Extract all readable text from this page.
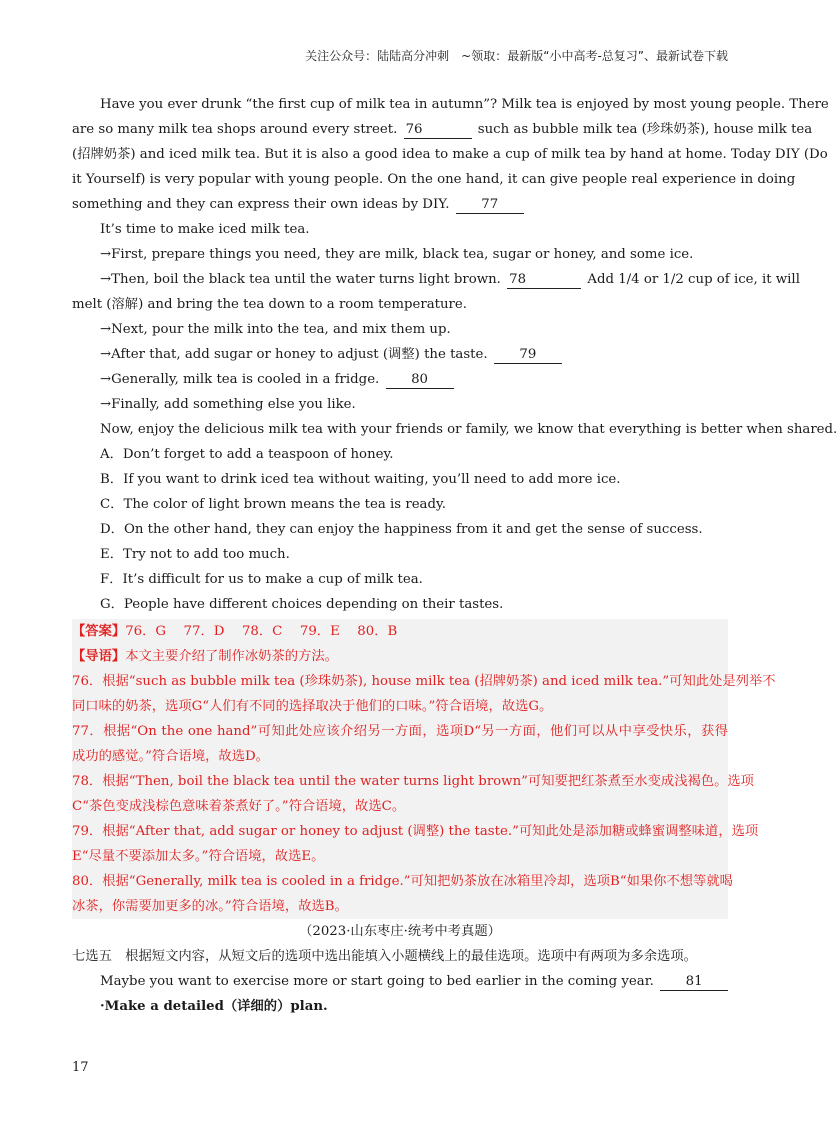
关注公众号：陆陆高分冲刺　~领取：最新版“小中高考-总复习”、最新试卷下载
Have you ever drunk “the first cup of milk tea in autumn”? Milk tea is enjoyed by most young people. There
are so many milk tea shops around every street. 76	such as bubble milk tea (珍珠奶茶), house milk tea
(招牌奶茶) and iced milk tea. But it is also a good idea to make a cup of milk tea by hand at home. Today DIY (Do
it Yourself) is very popular with young people. On the one hand, it can give people real experience in doing
something and they can express their own ideas by DIY. 77
It’s time to make iced milk tea.
→First, prepare things you need, they are milk, black tea, sugar or honey, and some ice.
→Then, boil the black tea until the water turns light brown. 78	Add 1/4 or 1/2 cup of ice, it will
melt (溶解) and bring the tea down to a room temperature.
→Next, pour the milk into the tea, and mix them up.
→After that, add sugar or honey to adjust (调整) the taste. 79
→Generally, milk tea is cooled in a fridge. 80
→Finally, add something else you like.
Now, enjoy the delicious milk tea with your friends or family, we know that everything is better when shared.
A．Don’t forget to add a teaspoon of honey.
B．If you want to drink iced tea without waiting, you’ll need to add more ice.
C．The color of light brown means the tea is ready.
D．On the other hand, they can enjoy the happiness from it and get the sense of success.
E．Try not to add too much.
F．It’s difficult for us to make a cup of milk tea.
G．People have different choices depending on their tastes.
【答案】76．G　 77．D　 78．C　 79．E　 80．B
【导语】本文主要介绍了制作冰奶茶的方法。
76．根据“such as bubble milk tea (珍珠奶茶), house milk tea (招牌奶茶) and iced milk tea.”可知此处是列举不
同口味的奶茶，选项G“人们有不同的选择取决于他们的口味。”符合语境，故选G。
77．根据“On the one hand”可知此处应该介绍另一方面，选项D“另一方面，他们可以从中享受快乐，获得
成功的感觉。”符合语境，故选D。
78．根据“Then, boil the black tea until the water turns light brown”可知要把红茶煮至水变成浅褐色。选项
C“茶色变成浅棕色意味着茶煮好了。”符合语境，故选C。
79．根据“After that, add sugar or honey to adjust (调整) the taste.”可知此处是添加糖或蜂蜜调整味道，选项
E“尽量不要添加太多。”符合语境，故选E。
80．根据“Generally, milk tea is cooled in a fridge.”可知把奶茶放在冰箱里冷却，选项B“如果你不想等就喝
冰茶，你需要加更多的冰。”符合语境，故选B。
（2023·山东枣庄·统考中考真题）
七选五　根据短文内容，从短文后的选项中选出能填入小题横线上的最佳选项。选项中有两项为多余选项。
Maybe you want to exercise more or start going to bed earlier in the coming year. 81
·Make a detailed（详细的）plan.
17
